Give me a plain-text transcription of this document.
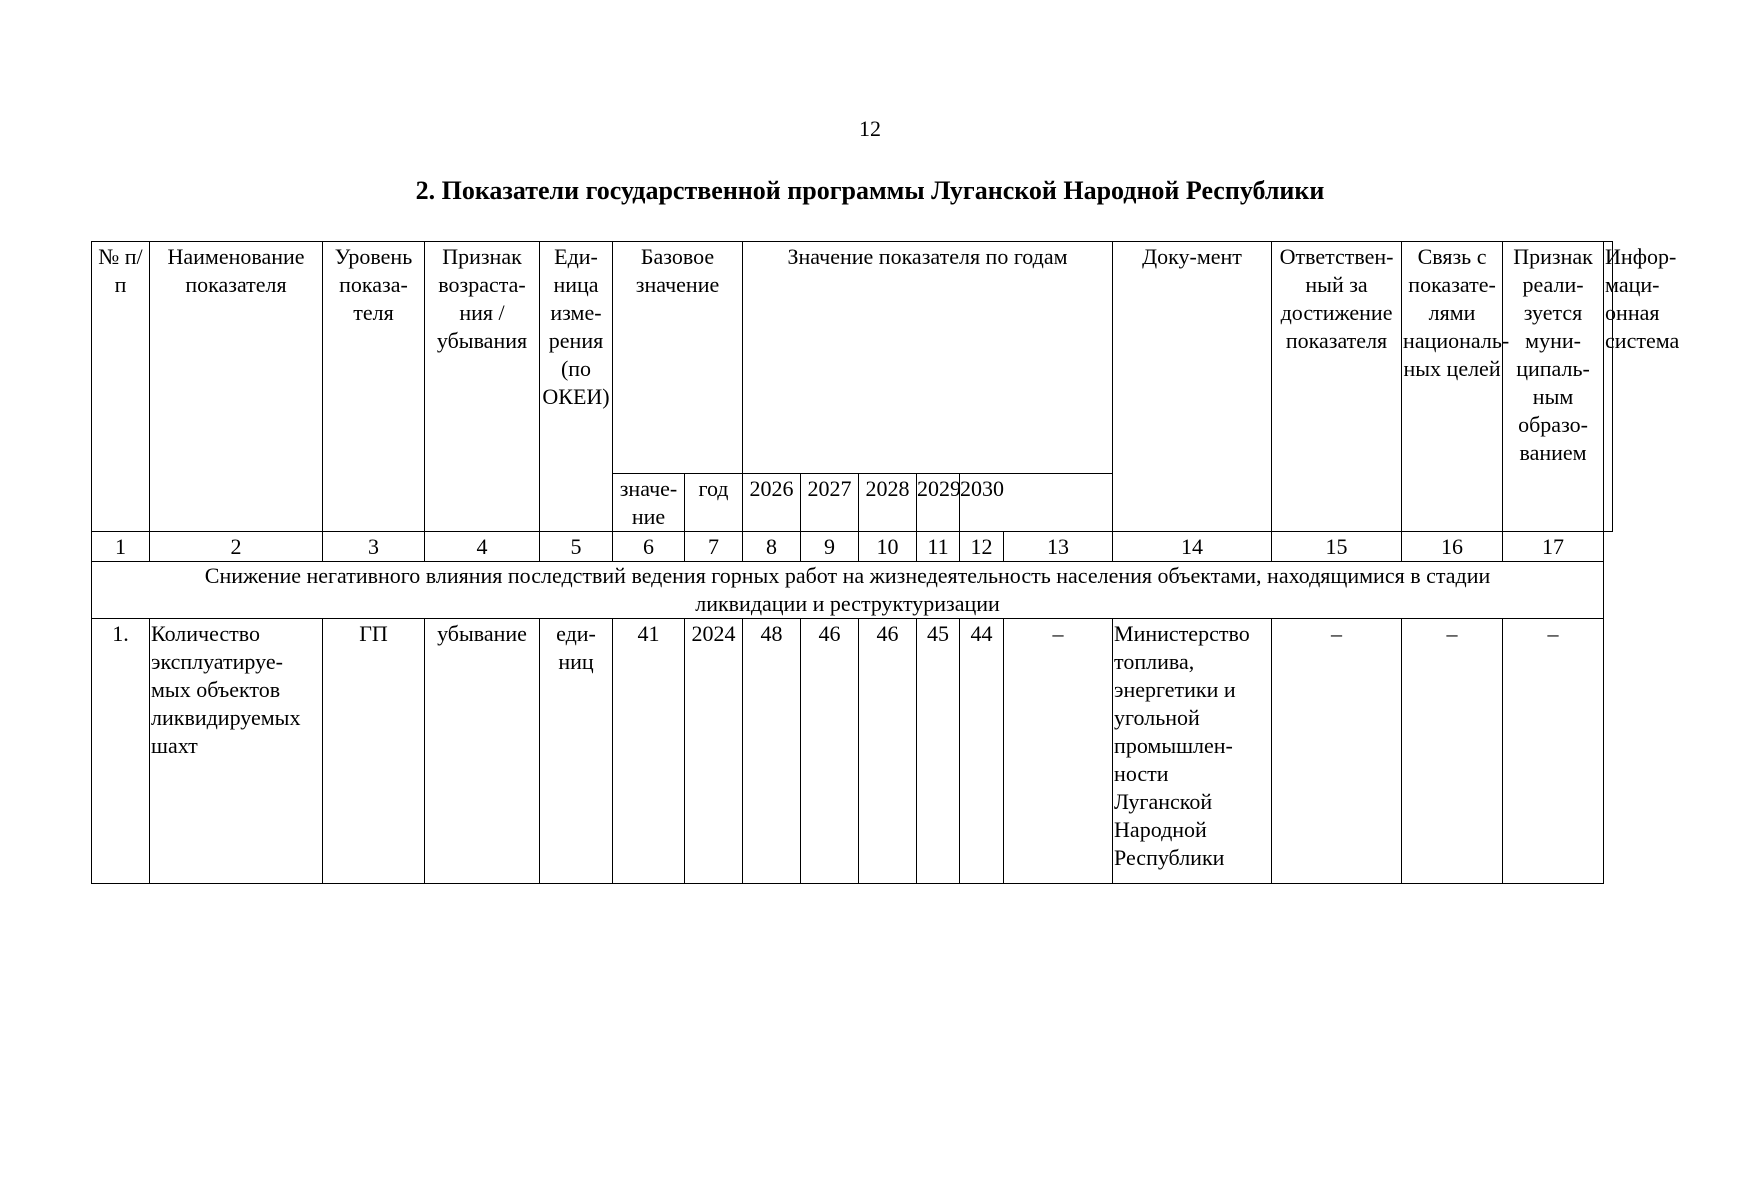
12
2. Показатели государственной программы Луганской Народной Республики
№ п/п	Наименование показателя	Уровень показа-теля	Признак возраста-ния / убывания	Еди-ница изме-рения (по ОКЕИ)	Базовое значение		Значение показателя по годам						Доку-мент	Ответствен-ный за достижение показателя	Связь с показате-лями националь-ных целей	Признак реали-зуется муни-ципаль-ным образо-ванием	Инфор-маци-онная система
					значе-ние	год	2026	2027	2028	2029	2030						
1	2	3	4	5	6	7	8	9	10	11	12	13	14	15	16	17	
Снижение негативного влияния последствий ведения горных работ на жизнедеятельность населения объектами, находящимися в стадии ликвидации и реструктуризации																	
1.	Количество эксплуатируе-мых объектов ликвидируемых шахт	ГП	убывание	еди-ниц	41	2024	48	46	46	45	44	–	Министерство топлива, энергетики и угольной промышлен-ности Луганской Народной Республики	–	–	–	
